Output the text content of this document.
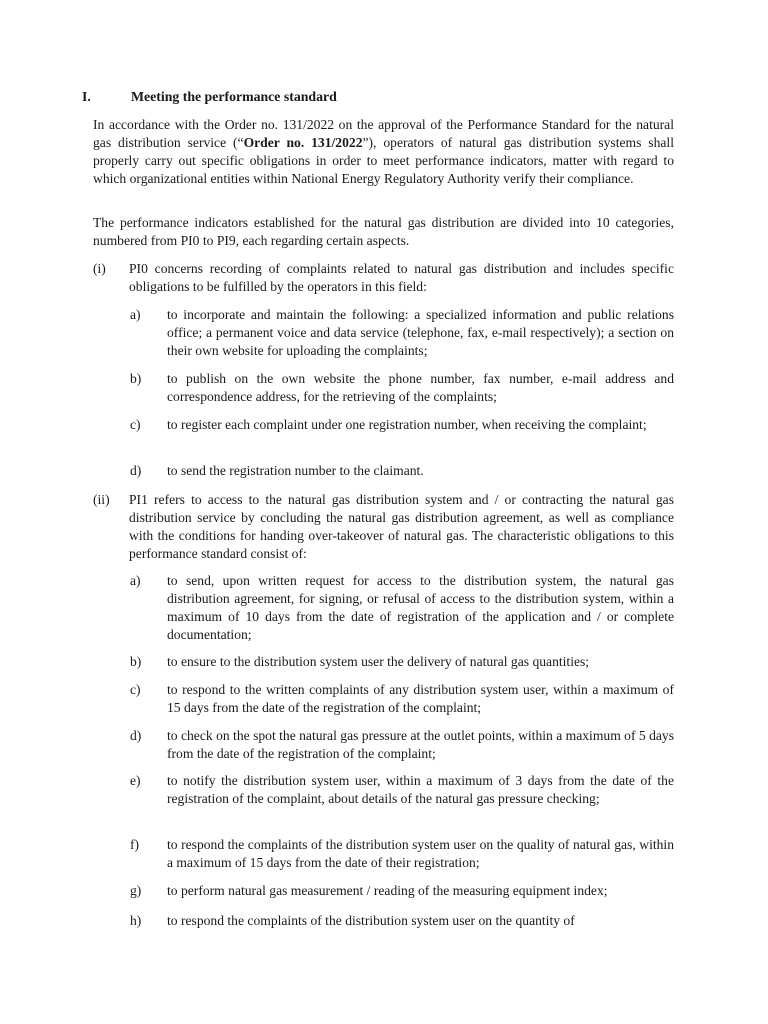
I.	Meeting the performance standard
In accordance with the Order no. 131/2022 on the approval of the Performance Standard for the natural gas distribution service (“Order no. 131/2022”), operators of natural gas distribution systems shall properly carry out specific obligations in order to meet performance indicators, matter with regard to which organizational entities within National Energy Regulatory Authority verify their compliance.
The performance indicators established for the natural gas distribution are divided into 10 categories, numbered from PI0 to PI9, each regarding certain aspects.
(i) PI0 concerns recording of complaints related to natural gas distribution and includes specific obligations to be fulfilled by the operators in this field:
a) to incorporate and maintain the following: a specialized information and public relations office; a permanent voice and data service (telephone, fax, e-mail respectively); a section on their own website for uploading the complaints;
b) to publish on the own website the phone number, fax number, e-mail address and correspondence address, for the retrieving of the complaints;
c) to register each complaint under one registration number, when receiving the complaint;
d) to send the registration number to the claimant.
(ii) PI1 refers to access to the natural gas distribution system and / or contracting the natural gas distribution service by concluding the natural gas distribution agreement, as well as compliance with the conditions for handing over-takeover of natural gas. The characteristic obligations to this performance standard consist of:
a) to send, upon written request for access to the distribution system, the natural gas distribution agreement, for signing, or refusal of access to the distribution system, within a maximum of 10 days from the date of registration of the application and / or complete documentation;
b) to ensure to the distribution system user the delivery of natural gas quantities;
c) to respond to the written complaints of any distribution system user, within a maximum of 15 days from the date of the registration of the complaint;
d) to check on the spot the natural gas pressure at the outlet points, within a maximum of 5 days from the date of the registration of the complaint;
e) to notify the distribution system user, within a maximum of 3 days from the date of the registration of the complaint, about details of the natural gas pressure checking;
f) to respond the complaints of the distribution system user on the quality of natural gas, within a maximum of 15 days from the date of their registration;
g) to perform natural gas measurement / reading of the measuring equipment index;
h) to respond the complaints of the distribution system user on the quantity of
